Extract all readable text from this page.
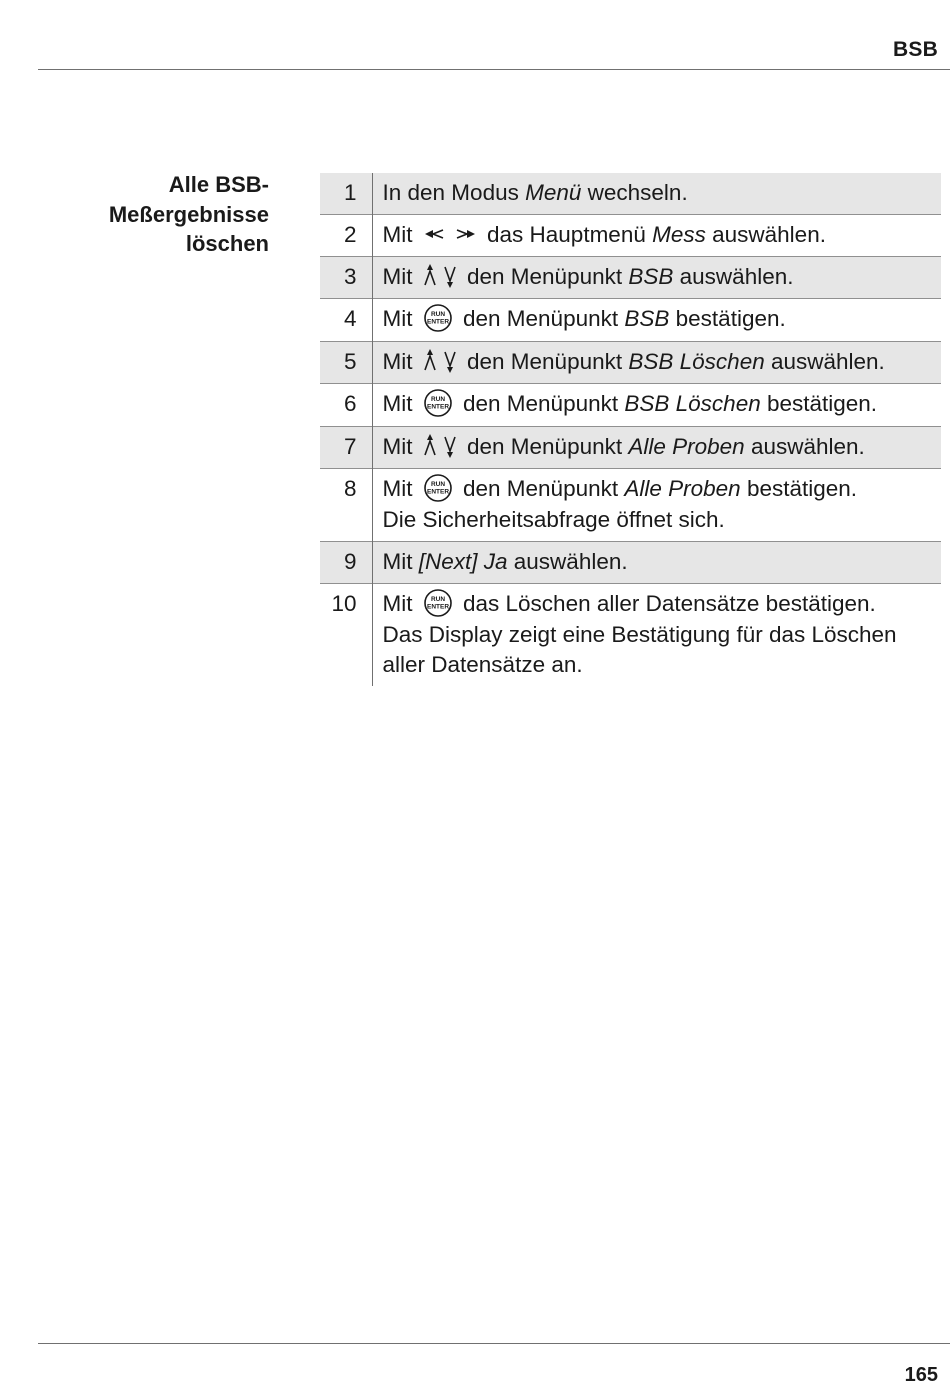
BSB
Alle BSB-
Meßergebnisse
löschen
1	In den Modus Menü wechseln.

2	Mit das Hauptmenü Mess auswählen.

3	Mit
den Menüpunkt BSB auswählen.

4	Mit RUN
ENTER den Menüpunkt BSB bestätigen.

5	Mit
den Menüpunkt BSB Löschen auswählen.

6	Mit RUN
ENTER den Menüpunkt BSB Löschen bestätigen.

7	Mit
den Menüpunkt Alle Proben auswählen.

8	Mit RUN
ENTER den Menüpunkt Alle Proben bestätigen.
Die Sicherheitsabfrage öffnet sich.

9	Mit [Next] Ja auswählen.

10	Mit RUN
ENTER das Löschen aller Datensätze bestätigen.
Das Display zeigt eine Bestätigung für das Löschen aller Datensätze an.
165
